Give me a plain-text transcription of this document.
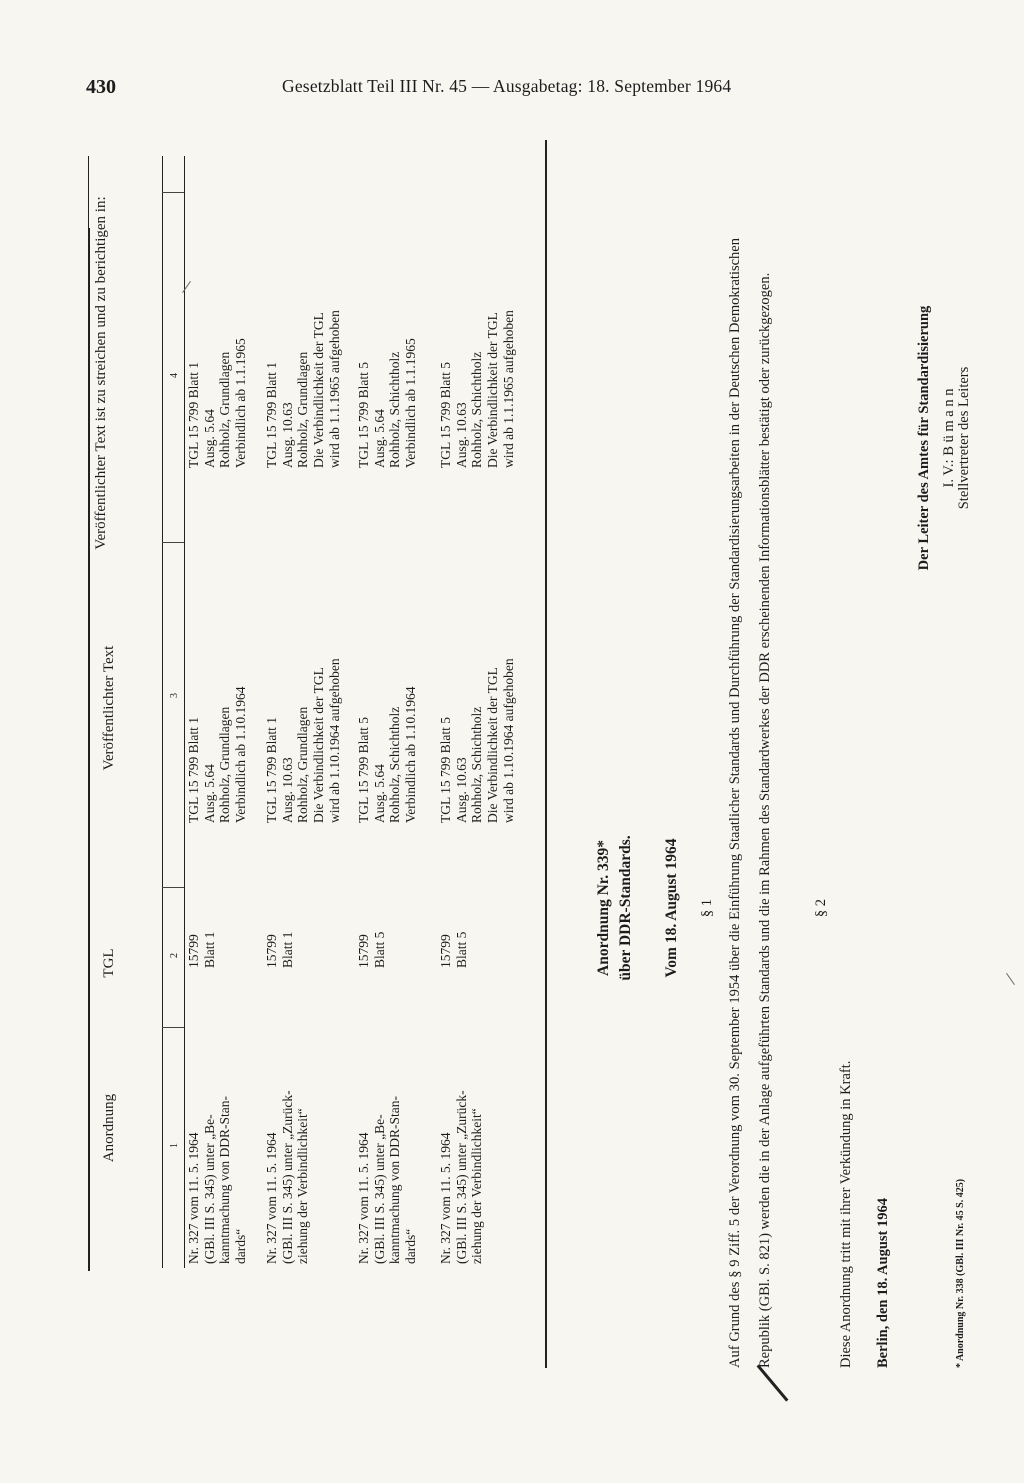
430	Gesetzblatt Teil III Nr. 45 — Ausgabetag: 18. September 1964
Anordnung
TGL
Veröffentlichter Text
Veröffentlichter Text ist zu streichen und zu berichtigen in:
1
2
3
4
Nr. 327 vom 11. 5. 1964
(GBl. III S. 345) unter „Be-
kanntmachung von DDR-Stan-
dards“
15799
Blatt 1
TGL 15 799 Blatt 1
Ausg. 5.64
Rohholz, Grundlagen
Verbindlich ab 1.10.1964
TGL 15 799 Blatt 1
Ausg. 5.64
Rohholz, Grundlagen
Verbindlich ab 1.1.1965
Nr. 327 vom 11. 5. 1964
(GBl. III S. 345) unter „Zurück-
ziehung der Verbindlichkeit“
15799
Blatt 1
TGL 15 799 Blatt 1
Ausg. 10.63
Rohholz, Grundlagen
Die Verbindlichkeit der TGL
wird ab 1.10.1964 aufgehoben
TGL 15 799 Blatt 1
Ausg. 10.63
Rohholz, Grundlagen
Die Verbindlichkeit der TGL
wird ab 1.1.1965 aufgehoben
Nr. 327 vom 11. 5. 1964
(GBl. III S. 345) unter „Be-
kanntmachung von DDR-Stan-
dards“
15799
Blatt 5
TGL 15 799 Blatt 5
Ausg. 5.64
Rohholz, Schichtholz
Verbindlich ab 1.10.1964
TGL 15 799 Blatt 5
Ausg. 5.64
Rohholz, Schichtholz
Verbindlich ab 1.1.1965
Nr. 327 vom 11. 5. 1964
(GBl. III S. 345) unter „Zurück-
ziehung der Verbindlichkeit“
15799
Blatt 5
TGL 15 799 Blatt 5
Ausg. 10.63
Rohholz, Schichtholz
Die Verbindlichkeit der TGL
wird ab 1.10.1964 aufgehoben
TGL 15 799 Blatt 5
Ausg. 10.63
Rohholz, Schichtholz
Die Verbindlichkeit der TGL
wird ab 1.1.1965 aufgehoben
Anordnung Nr. 339* über DDR-Standards. Vom 18. August 1964 § 1 Auf Grund des § 9 Ziff. 5 der Verordnung vom 30. September 1954 über die Einführung Staatlicher Standards und Durchführung der Standardisierungsarbeiten in der Deutschen Demokratischen Republik (GBl. S. 821) werden die in der Anlage aufgeführten Standards und die im Rahmen des Standardwerkes der DDR erscheinenden Informationsblätter bestätigt oder zurückgezogen.	§ 2
Diese Anordnung tritt mit ihrer Verkündung in Kraft. Berlin, den 18. August 1964
Der Leiter des Amtes für Standardisierung I. V.: B ü m a n n Stellvertreter des Leiters
* Anordnung Nr. 338 (GBl. III Nr. 45 S. 425)
